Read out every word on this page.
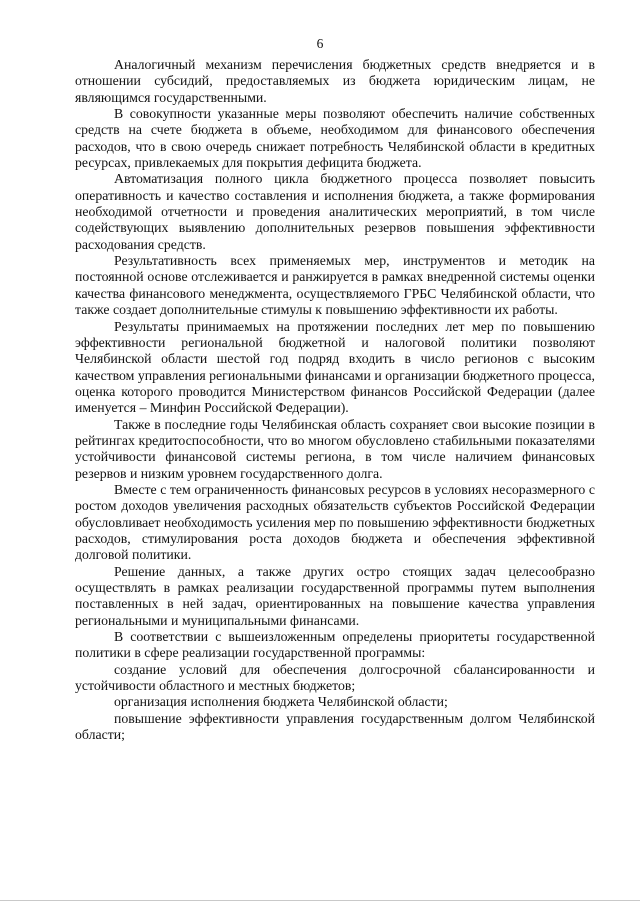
6

Аналогичный механизм перечисления бюджетных средств внедряется и в отношении субсидий, предоставляемых из бюджета юридическим лицам, не являющимся государственными.

В совокупности указанные меры позволяют обеспечить наличие собственных средств на счете бюджета в объеме, необходимом для финансового обеспечения расходов, что в свою очередь снижает потребность Челябинской области в кредитных ресурсах, привлекаемых для покрытия дефицита бюджета.

Автоматизация полного цикла бюджетного процесса позволяет повысить оперативность и качество составления и исполнения бюджета, а также формирования необходимой отчетности и проведения аналитических мероприятий, в том числе содействующих выявлению дополнительных резервов повышения эффективности расходования средств.

Результативность всех применяемых мер, инструментов и методик на постоянной основе отслеживается и ранжируется в рамках внедренной системы оценки качества финансового менеджмента, осуществляемого ГРБС Челябинской области, что также создает дополнительные стимулы к повышению эффективности их работы.

Результаты принимаемых на протяжении последних лет мер по повышению эффективности региональной бюджетной и налоговой политики позволяют Челябинской области шестой год подряд входить в число регионов с высоким качеством управления региональными финансами и организации бюджетного процесса, оценка которого проводится Министерством финансов Российской Федерации (далее именуется – Минфин Российской Федерации).

Также в последние годы Челябинская область сохраняет свои высокие позиции в рейтингах кредитоспособности, что во многом обусловлено стабильными показателями устойчивости финансовой системы региона, в том числе наличием финансовых резервов и низким уровнем государственного долга.

Вместе с тем ограниченность финансовых ресурсов в условиях несоразмерного с ростом доходов увеличения расходных обязательств субъектов Российской Федерации обусловливает необходимость усиления мер по повышению эффективности бюджетных расходов, стимулирования роста доходов бюджета и обеспечения эффективной долговой политики.

Решение данных, а также других остро стоящих задач целесообразно осуществлять в рамках реализации государственной программы путем выполнения поставленных в ней задач, ориентированных на повышение качества управления региональными и муниципальными финансами.

В соответствии с вышеизложенным определены приоритеты государственной политики в сфере реализации государственной программы:

создание условий для обеспечения долгосрочной сбалансированности и устойчивости областного и местных бюджетов;

организация исполнения бюджета Челябинской области;

повышение эффективности управления государственным долгом Челябинской области;
